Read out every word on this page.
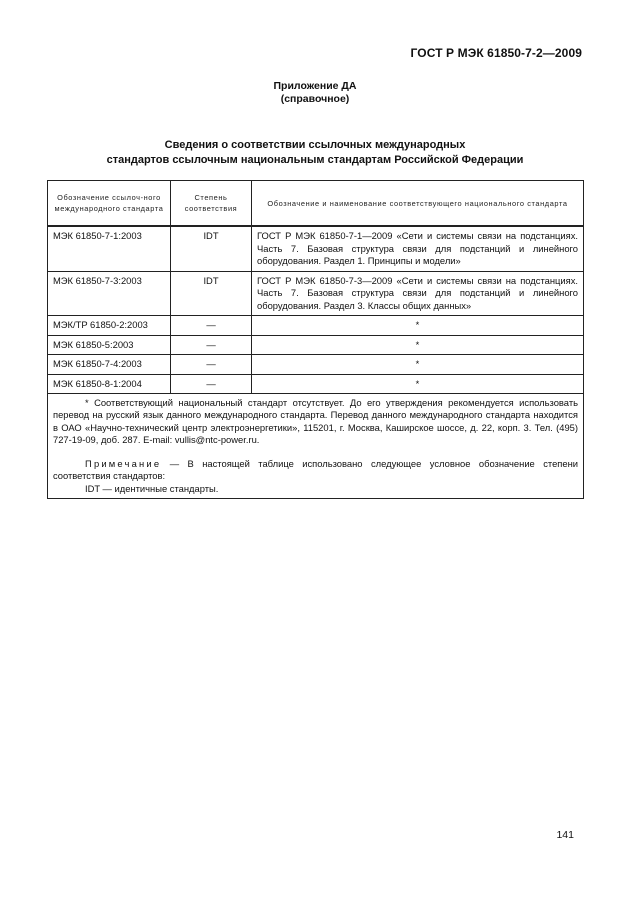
ГОСТ Р МЭК 61850-7-2—2009
Приложение ДА
(справочное)
Сведения о соответствии ссылочных международных
стандартов ссылочным национальным стандартам Российской Федерации
Обозначение ссылоч-ного международного стандарта	Степень соответствия	Обозначение и наименование соответствующего национального стандарта
МЭК 61850-7-1:2003	IDT	ГОСТ Р МЭК 61850-7-1—2009 «Сети и системы связи на подстанциях. Часть 7. Базовая структура связи для подстанций и линейного оборудования. Раздел 1. Принципы и модели»
МЭК 61850-7-3:2003	IDT	ГОСТ Р МЭК 61850-7-3—2009 «Сети и системы связи на подстанциях. Часть 7. Базовая структура связи для подстанций и линейного оборудования. Раздел 3. Классы общих данных»
МЭК/TP 61850-2:2003	—	*
МЭК 61850-5:2003	—	*
МЭК 61850-7-4:2003	—	*
МЭК 61850-8-1:2004	—	*

* Соответствующий национальный стандарт отсутствует. До его утверждения рекомендуется использовать перевод на русский язык данного международного стандарта. Перевод данного международного стандарта находится в ОАО «Научно-технический центр электроэнергетики», 115201, г. Москва, Каширское шоссе, д. 22, корп. 3. Тел. (495) 727-19-09, доб. 287. E-mail: vullis@ntc-power.ru.

Примечание — В настоящей таблице использовано следующее условное обозначение степени соответствия стандартов:

IDT — идентичные стандарты.		

141
